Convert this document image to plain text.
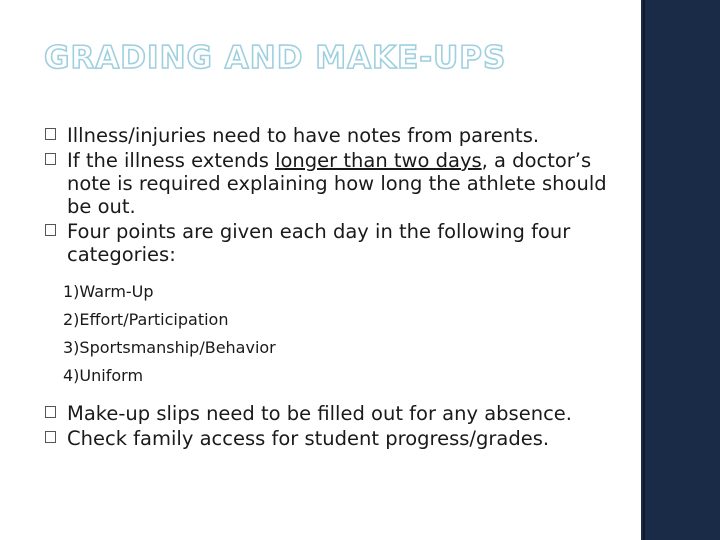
GRADING AND MAKE-UPS
Illness/injuries need to have notes from parents.
If the illness extends longer than two days, a doctor’s note is required explaining how long the athlete should be out.
Four points are given each day in the following four categories:
1)Warm-Up
2)Effort/Participation
3)Sportsmanship/Behavior
4)Uniform
Make-up slips need to be filled out for any absence.
Check family access for student progress/grades.
